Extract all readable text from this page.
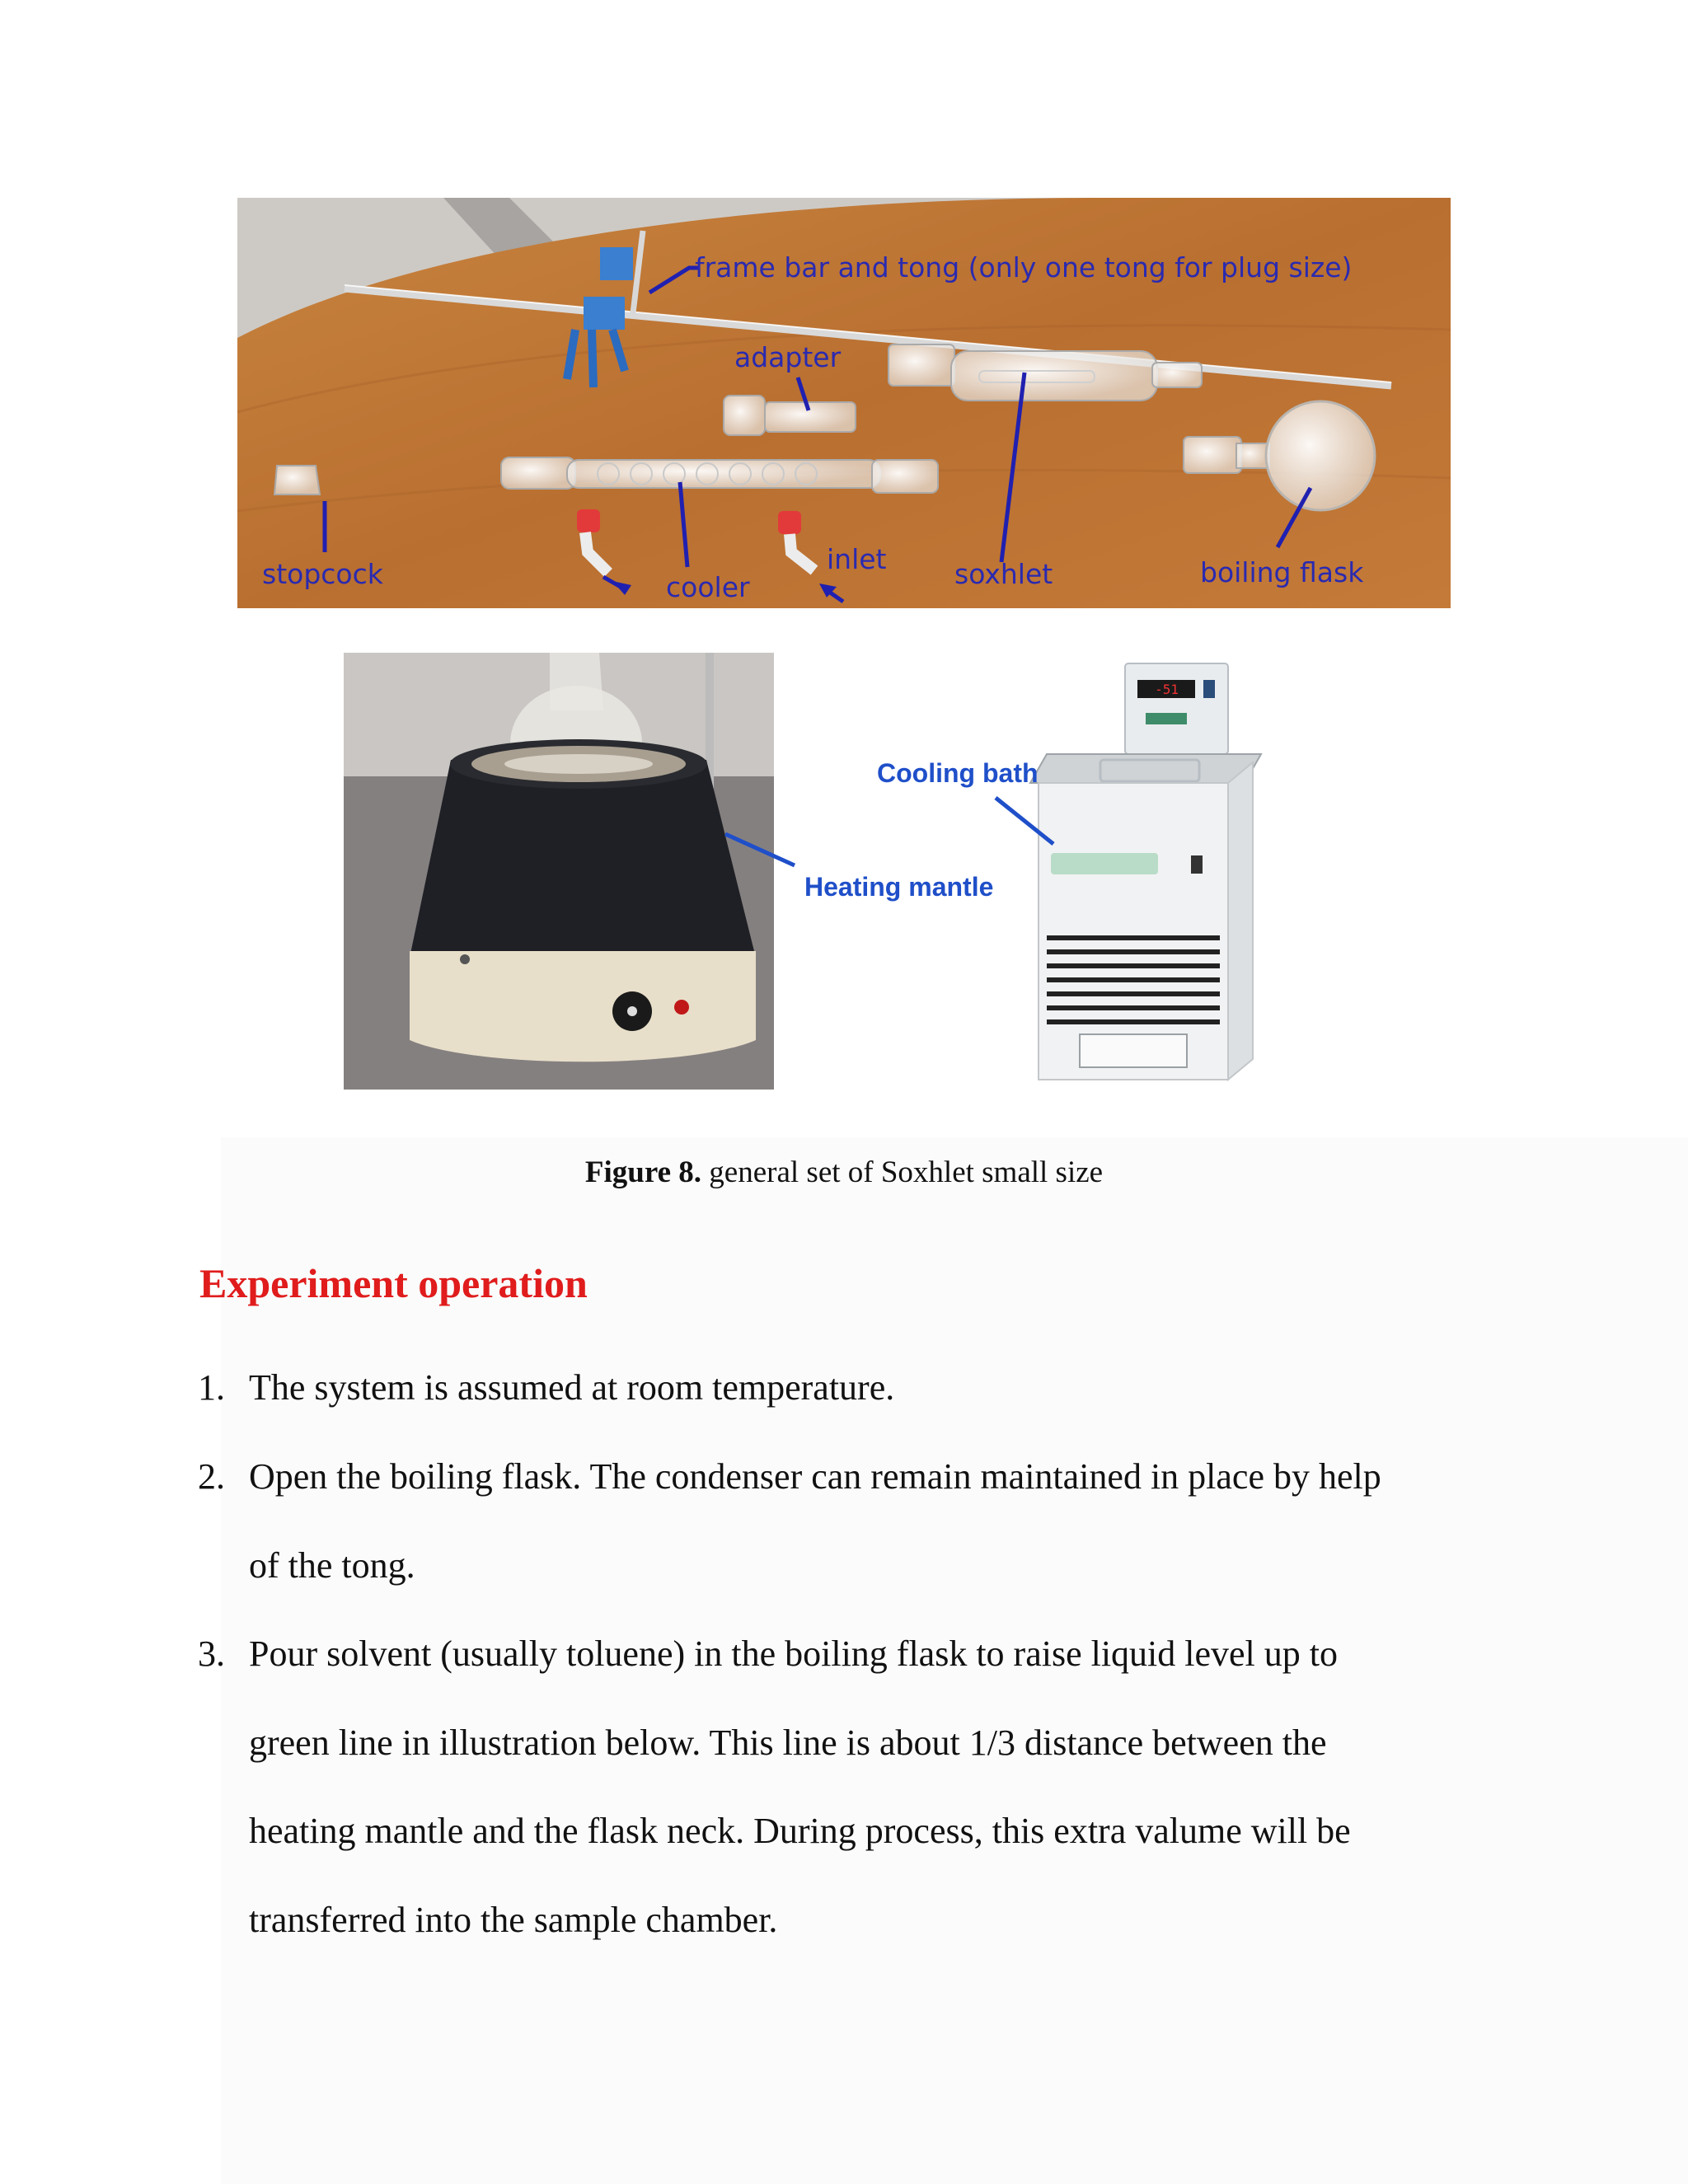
frame bar and tong (only one tong for plug size)
adapter
stopcock	cooler
inlet	soxhlet	boiling flask
-51
Cooling bath
Heating mantle
Figure 8. general set of Soxhlet small size
Experiment operation
1. The system is assumed at room temperature.
2. Open the boiling flask. The condenser can remain maintained in place by help
of the tong.
3. Pour solvent (usually toluene) in the boiling flask to raise liquid level up to
green line in illustration below. This line is about 1/3 distance between the
heating mantle and the flask neck. During process, this extra valume will be
transferred into the sample chamber.
